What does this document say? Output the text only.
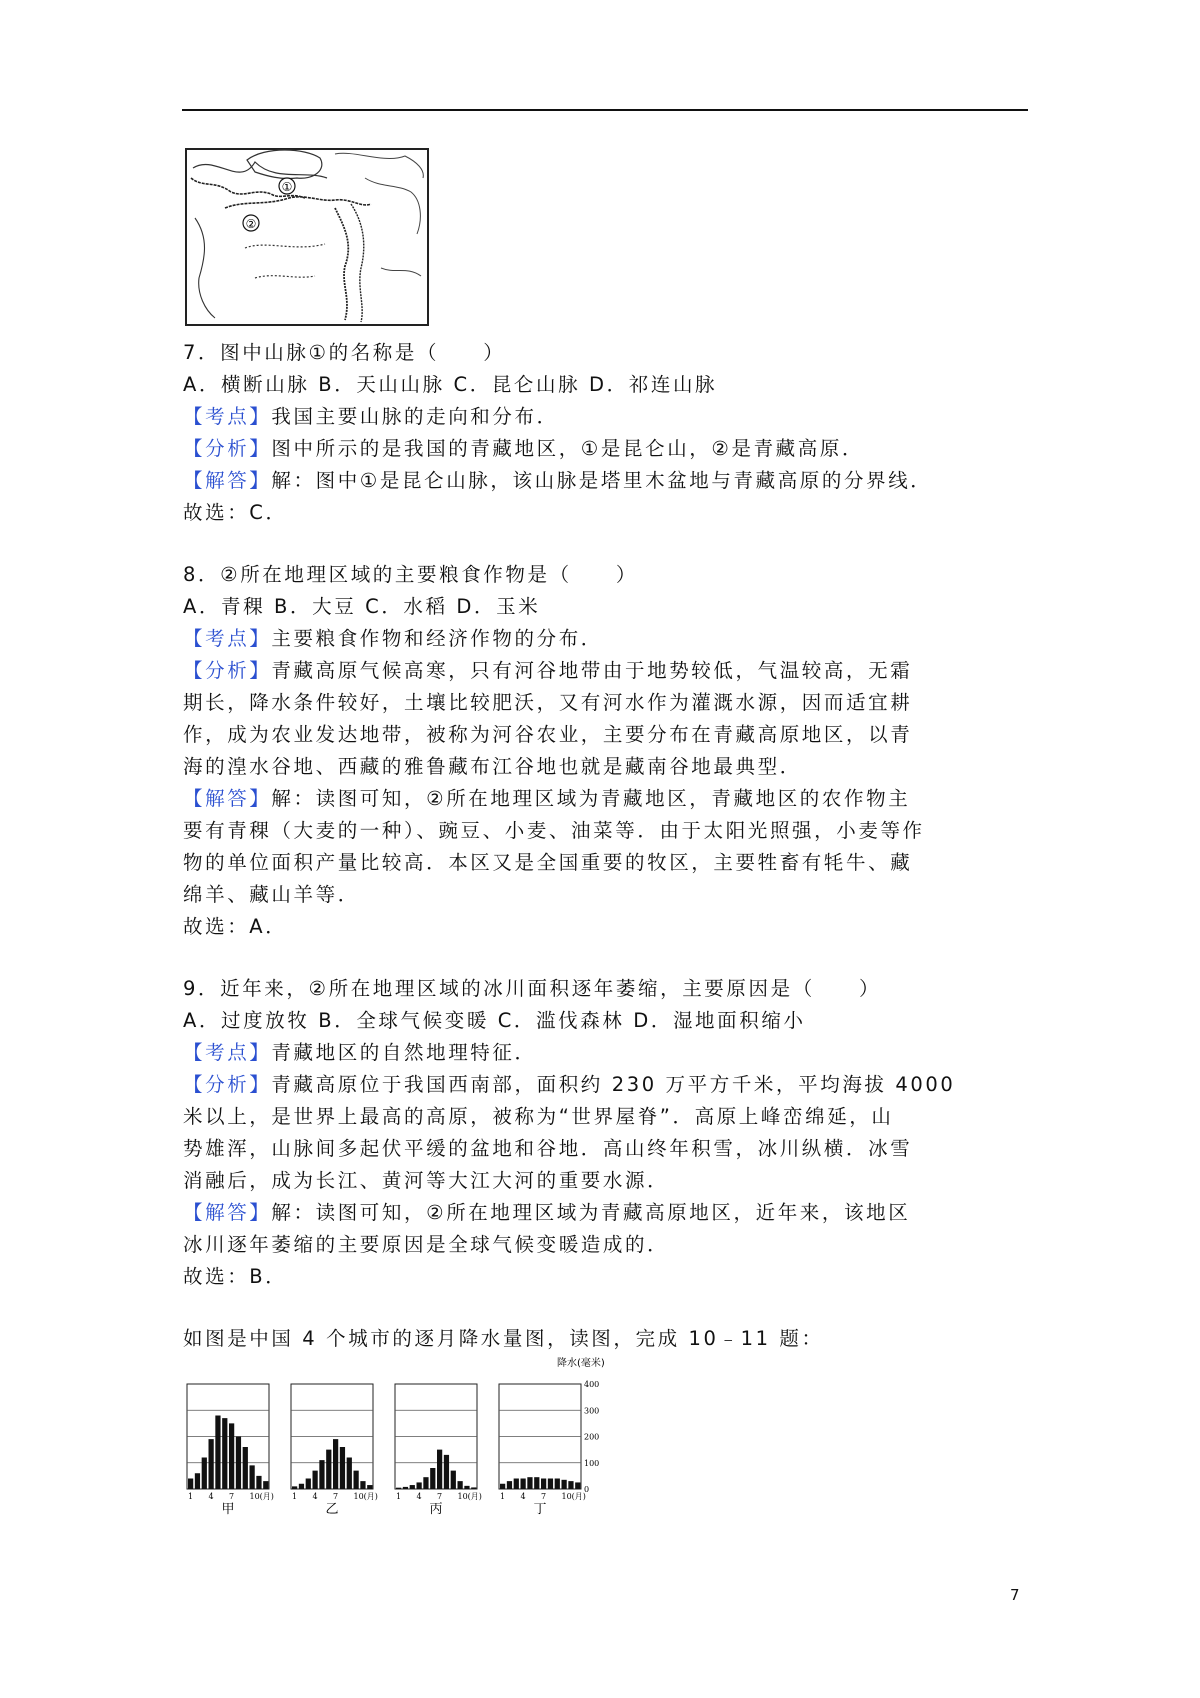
①
②
7．图中山脉①的名称是（　　）
A．横断山脉 B．天山山脉 C．昆仑山脉 D．祁连山脉
【考点】我国主要山脉的走向和分布．
【分析】图中所示的是我国的青藏地区，①是昆仑山，②是青藏高原．
【解答】解：图中①是昆仑山脉，该山脉是塔里木盆地与青藏高原的分界线．
故选：C．
8．②所在地理区域的主要粮食作物是（　　）
A．青稞 B．大豆 C．水稻 D．玉米
【考点】主要粮食作物和经济作物的分布．
【分析】青藏高原气候高寒，只有河谷地带由于地势较低，气温较高，无霜
期长，降水条件较好，土壤比较肥沃，又有河水作为灌溉水源，因而适宜耕
作，成为农业发达地带，被称为河谷农业，主要分布在青藏高原地区，以青
海的湟水谷地、西藏的雅鲁藏布江谷地也就是藏南谷地最典型．
【解答】解：读图可知，②所在地理区域为青藏地区，青藏地区的农作物主
要有青稞（大麦的一种）、豌豆、小麦、油菜等．由于太阳光照强，小麦等作
物的单位面积产量比较高．本区又是全国重要的牧区，主要牲畜有牦牛、藏
绵羊、藏山羊等．
故选：A．
9．近年来，②所在地理区域的冰川面积逐年萎缩，主要原因是（　　）
A．过度放牧 B．全球气候变暖 C．滥伐森林 D．湿地面积缩小
【考点】青藏地区的自然地理特征．
【分析】青藏高原位于我国西南部，面积约 230 万平方千米，平均海拔 4000
米以上，是世界上最高的高原，被称为“世界屋脊”．高原上峰峦绵延，山
势雄浑，山脉间多起伏平缓的盆地和谷地．高山终年积雪，冰川纵横．冰雪
消融后，成为长江、黄河等大江大河的重要水源．
【解答】解：读图可知，②所在地理区域为青藏高原地区，近年来，该地区
冰川逐年萎缩的主要原因是全球气候变暖造成的．
故选：B．
如图是中国 4 个城市的逐月降水量图，读图，完成 10﹣11 题：
降水(毫米)
1 4 7 10(月)
甲
1 4 7 10(月)
乙
1 4 7 10(月)
丙
1 4 7 10(月)
丁
400
300
200
100
0
7
